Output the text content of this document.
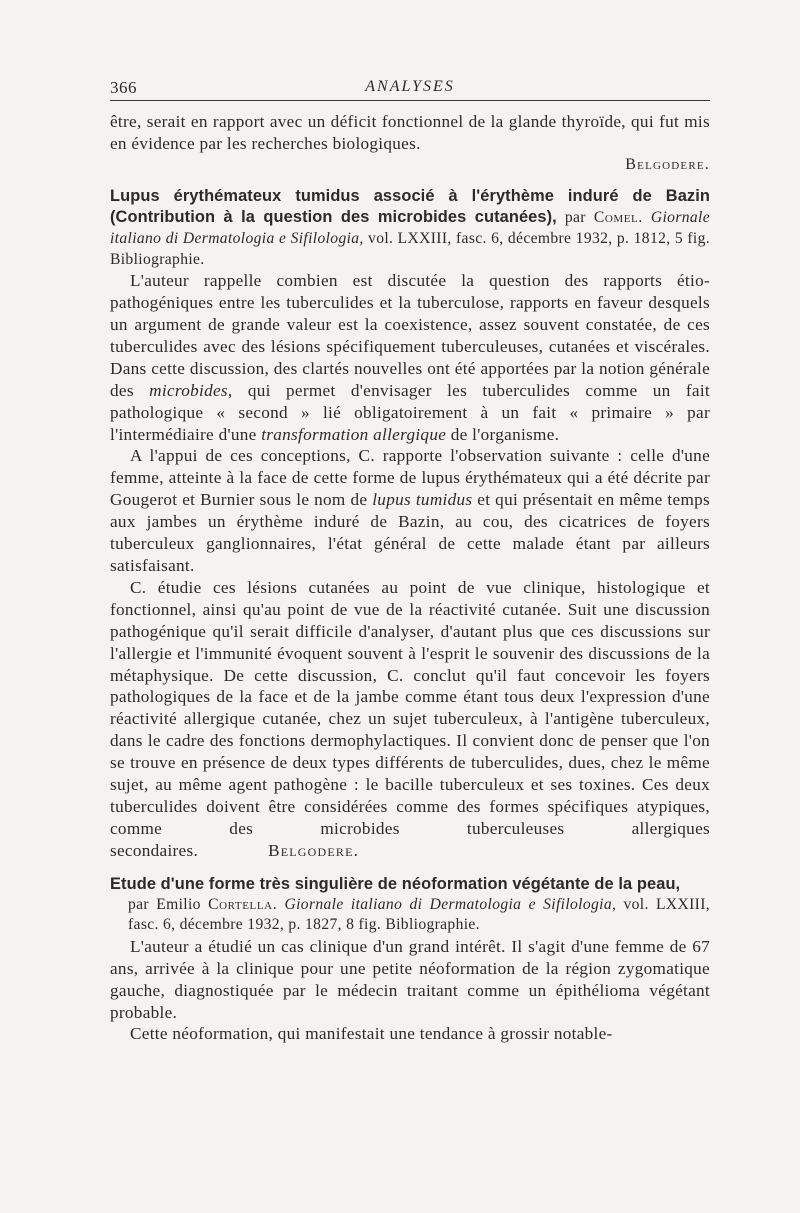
366	ANALYSES

être, serait en rapport avec un déficit fonctionnel de la glande thyroïde, qui fut mis en évidence par les recherches biologiques.

Belgodere.

Lupus érythémateux tumidus associé à l'érythème induré de Bazin (Contribution à la question des microbides cutanées), par Comel. Giornale italiano di Dermatologia e Sifilologia, vol. LXXIII, fasc. 6, décembre 1932, p. 1812, 5 fig. Bibliographie.

L'auteur rappelle combien est discutée la question des rapports étio-pathogéniques entre les tuberculides et la tuberculose, rapports en faveur desquels un argument de grande valeur est la coexistence, assez souvent constatée, de ces tuberculides avec des lésions spécifiquement tuberculeuses, cutanées et viscérales. Dans cette discussion, des clartés nouvelles ont été apportées par la notion générale des microbides, qui permet d'envisager les tuberculides comme un fait pathologique « second » lié obligatoirement à un fait « primaire » par l'intermédiaire d'une transformation allergique de l'organisme.

A l'appui de ces conceptions, C. rapporte l'observation suivante : celle d'une femme, atteinte à la face de cette forme de lupus érythémateux qui a été décrite par Gougerot et Burnier sous le nom de lupus tumidus et qui présentait en même temps aux jambes un érythème induré de Bazin, au cou, des cicatrices de foyers tuberculeux ganglionnaires, l'état général de cette malade étant par ailleurs satisfaisant.

C. étudie ces lésions cutanées au point de vue clinique, histologique et fonctionnel, ainsi qu'au point de vue de la réactivité cutanée. Suit une discussion pathogénique qu'il serait difficile d'analyser, d'autant plus que ces discussions sur l'allergie et l'immunité évoquent souvent à l'esprit le souvenir des discussions de la métaphysique. De cette discussion, C. conclut qu'il faut concevoir les foyers pathologiques de la face et de la jambe comme étant tous deux l'expression d'une réactivité allergique cutanée, chez un sujet tuberculeux, à l'antigène tuberculeux, dans le cadre des fonctions dermophylactiques. Il convient donc de penser que l'on se trouve en présence de deux types différents de tuberculides, dues, chez le même sujet, au même agent pathogène : le bacille tuberculeux et ses toxines. Ces deux tuberculides doivent être considérées comme des formes spécifiques atypiques, comme des microbides tuberculeuses allergiques secondaires.	Belgodere.

Etude d'une forme très singulière de néoformation végétante de la peau,

par Emilio Cortella. Giornale italiano di Dermatologia e Sifilologia, vol. LXXIII, fasc. 6, décembre 1932, p. 1827, 8 fig. Bibliographie.

L'auteur a étudié un cas clinique d'un grand intérêt. Il s'agit d'une femme de 67 ans, arrivée à la clinique pour une petite néoformation de la région zygomatique gauche, diagnostiquée par le médecin traitant comme un épithélioma végétant probable.

Cette néoformation, qui manifestait une tendance à grossir notable-
